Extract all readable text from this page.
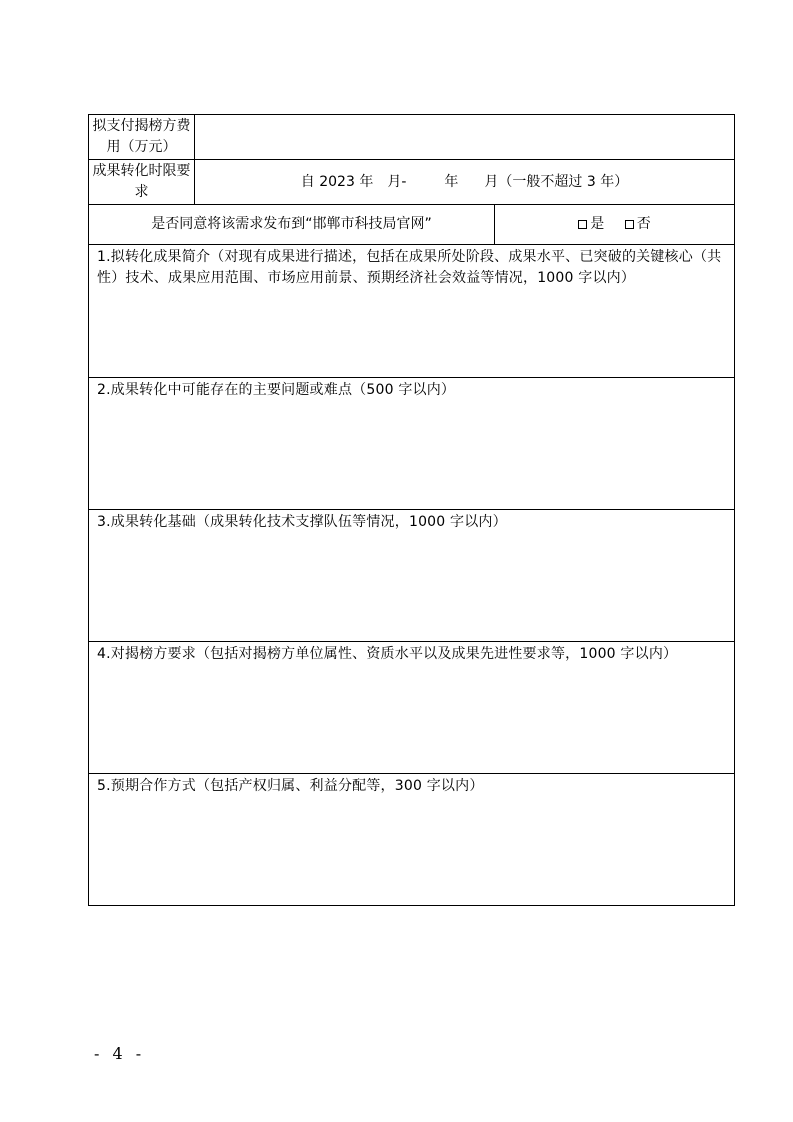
拟支付揭榜方费用（万元）		
成果转化时限要求	自 2023 年 月- 年 月（一般不超过 3 年）	
是否同意将该需求发布到“邯郸市科技局官网”		是 否
1.拟转化成果简介（对现有成果进行描述，包括在成果所处阶段、成果水平、已突破的关键核心（共性）技术、成果应用范围、市场应用前景、预期经济社会效益等情况，1000 字以内）		

2.成果转化中可能存在的主要问题或难点（500 字以内）		

3.成果转化基础（成果转化技术支撑队伍等情况，1000 字以内）		

4.对揭榜方要求（包括对揭榜方单位属性、资质水平以及成果先进性要求等，1000 字以内）		

5.预期合作方式（包括产权归属、利益分配等，300 字以内）		
- 4 -
